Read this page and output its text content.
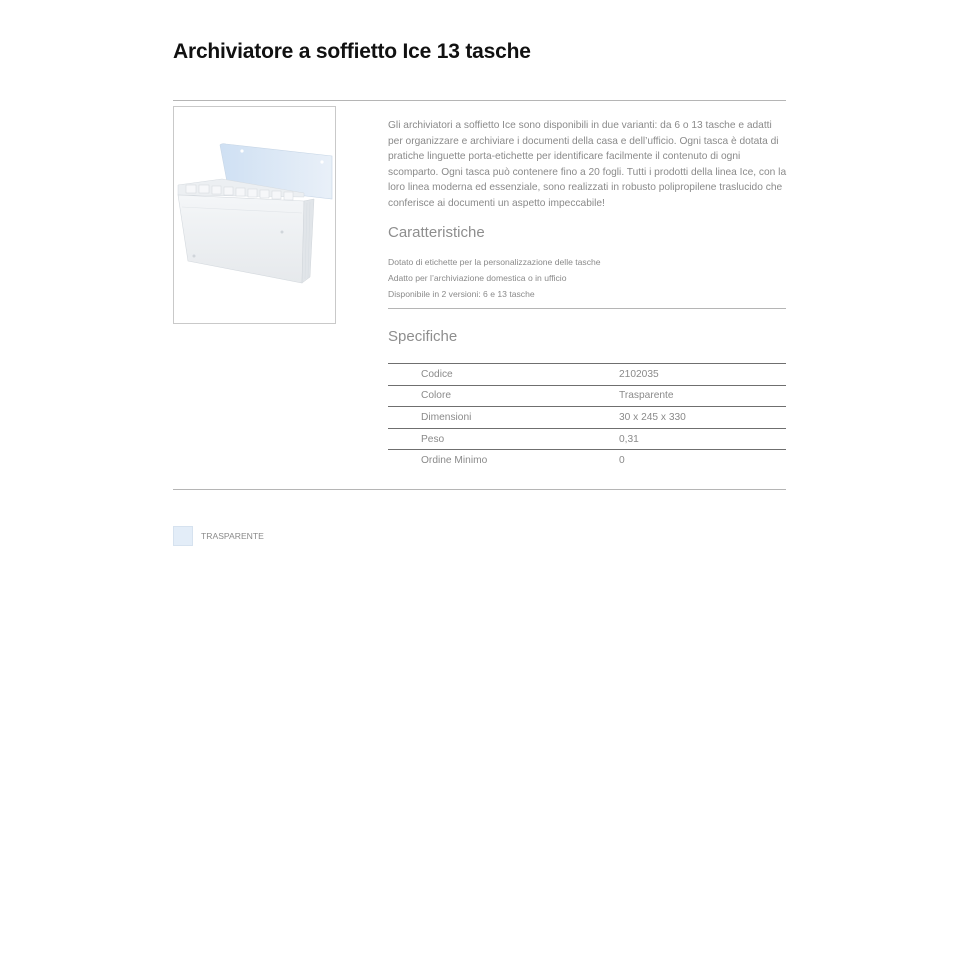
Archiviatore a soffietto Ice 13 tasche

Gli archiviatori a soffietto Ice sono disponibili in due varianti: da 6 o 13 tasche e adatti per organizzare e archiviare i documenti della casa e dell’ufficio. Ogni tasca è dotata di pratiche linguette porta-etichette per identificare facilmente il contenuto di ogni scomparto. Ogni tasca può contenere fino a 20 fogli. Tutti i prodotti della linea Ice, con la loro linea moderna ed essenziale, sono realizzati in robusto polipropilene traslucido che conferisce ai documenti un aspetto impeccabile!

Caratteristiche
Dotato di etichette per la personalizzazione delle tasche
Adatto per l’archiviazione domestica o in ufficio
Disponibile in 2 versioni: 6 e 13 tasche
Specifiche
Codice	2102035
Colore	Trasparente
Dimensioni	30 x 245 x 330
Peso	0,31
Ordine Minimo	0
TRASPARENTE
